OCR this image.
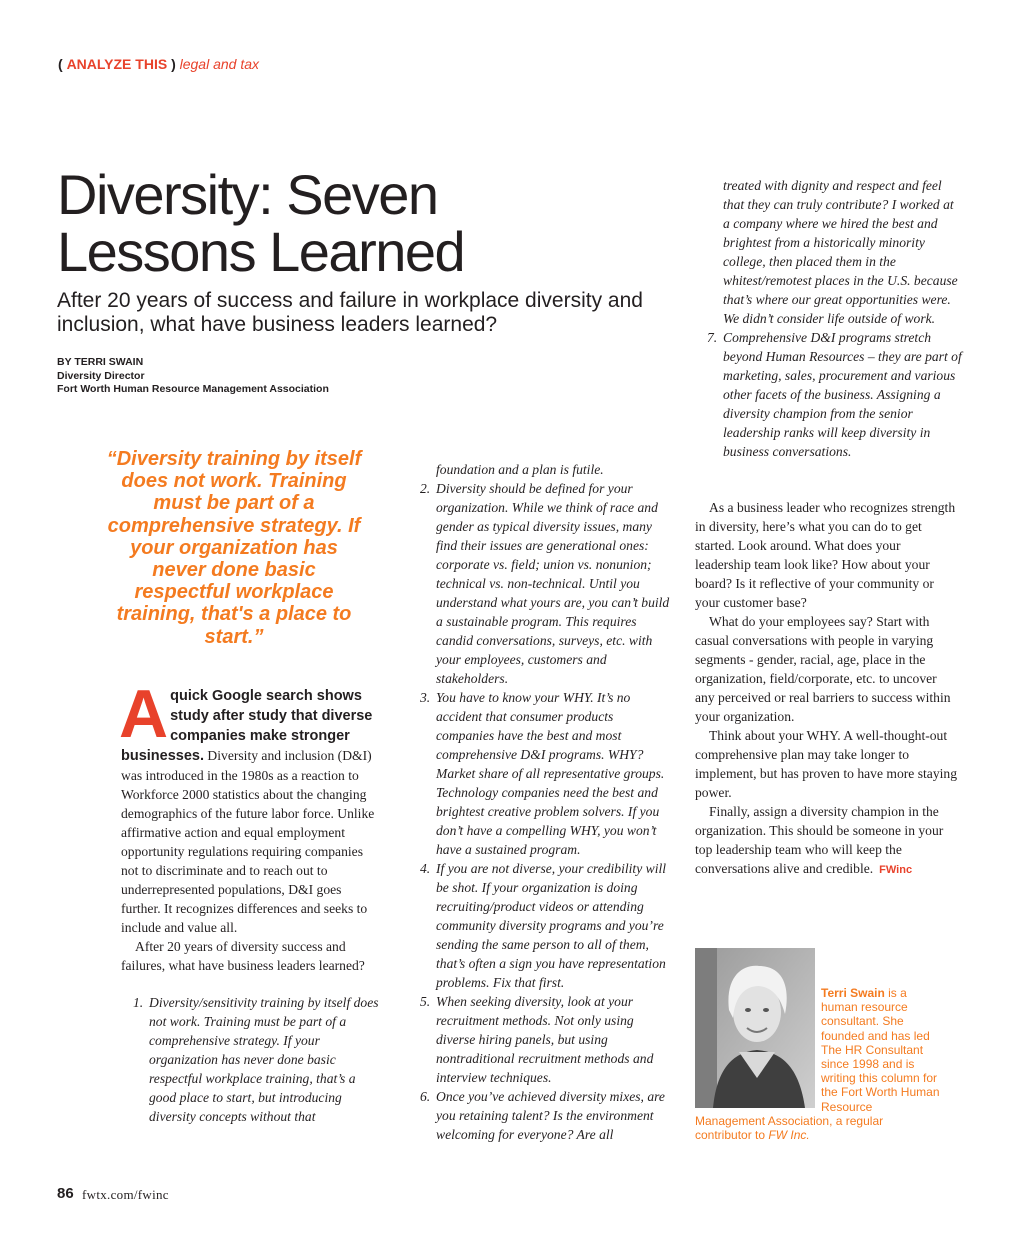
( ANALYZE THIS ) legal and tax
Diversity: Seven Lessons Learned
After 20 years of success and failure in workplace diversity and inclusion, what have business leaders learned?
BY TERRI SWAIN
Diversity Director
Fort Worth Human Resource Management Association
“Diversity training by itself does not work. Training must be part of a comprehensive strategy. If your organization has never done basic respectful workplace training, that's a place to start.”

A quick Google search shows study after study that diverse companies make stronger businesses. Diversity and inclusion (D&I) was introduced in the 1980s as a reaction to Workforce 2000 statistics about the changing demographics of the future labor force. Unlike affirmative action and equal employment opportunity regulations requiring companies not to discriminate and to reach out to underrepresented populations, D&I goes further. It recognizes differences and seeks to include and value all.

After 20 years of diversity success and failures, what have business leaders learned?

1. Diversity/sensitivity training by itself does not work. Training must be part of a comprehensive strategy. If your organization has never done basic respectful workplace training, that’s a good place to start, but introducing diversity concepts without that

foundation and a plan is futile.

2. Diversity should be defined for your organization. While we think of race and gender as typical diversity issues, many find their issues are generational ones: corporate vs. field; union vs. nonunion; technical vs. non-technical. Until you understand what yours are, you can’t build a sustainable program. This requires candid conversations, surveys, etc. with your employees, customers and stakeholders.
3. You have to know your WHY. It’s no accident that consumer products companies have the best and most comprehensive D&I programs. WHY? Market share of all representative groups. Technology companies need the best and brightest creative problem solvers. If you don’t have a compelling WHY, you won’t have a sustained program.
4. If you are not diverse, your credibility will be shot. If your organization is doing recruiting/product videos or attending community diversity programs and you’re sending the same person to all of them, that’s often a sign you have representation problems. Fix that first.
5. When seeking diversity, look at your recruitment methods. Not only using diverse hiring panels, but using nontraditional recruitment methods and interview techniques.
6. Once you’ve achieved diversity mixes, are you retaining talent? Is the environment welcoming for everyone? Are all

treated with dignity and respect and feel that they can truly contribute? I worked at a company where we hired the best and brightest from a historically minority college, then placed them in the whitest/remotest places in the U.S. because that’s where our great opportunities were. We didn’t consider life outside of work.

7. Comprehensive D&I programs stretch beyond Human Resources – they are part of marketing, sales, procurement and various other facets of the business. Assigning a diversity champion from the senior leadership ranks will keep diversity in business conversations.

As a business leader who recognizes strength in diversity, here’s what you can do to get started. Look around. What does your leadership team look like? How about your board? Is it reflective of your community or your customer base?

What do your employees say? Start with casual conversations with people in varying segments - gender, racial, age, place in the organization, field/corporate, etc. to uncover any perceived or real barriers to success within your organization.

Think about your WHY. A well-thought-out comprehensive plan may take longer to implement, but has proven to have more staying power.

Finally, assign a diversity champion in the organization. This should be someone in your top leadership team who will keep the conversations alive and credible. FWinc

Terri Swain is a human resource consultant. She founded and has led The HR Consultant since 1998 and is writing this column for the Fort Worth Human Resource Management Association, a regular contributor to FW Inc.
86 fwtx.com/fwinc
